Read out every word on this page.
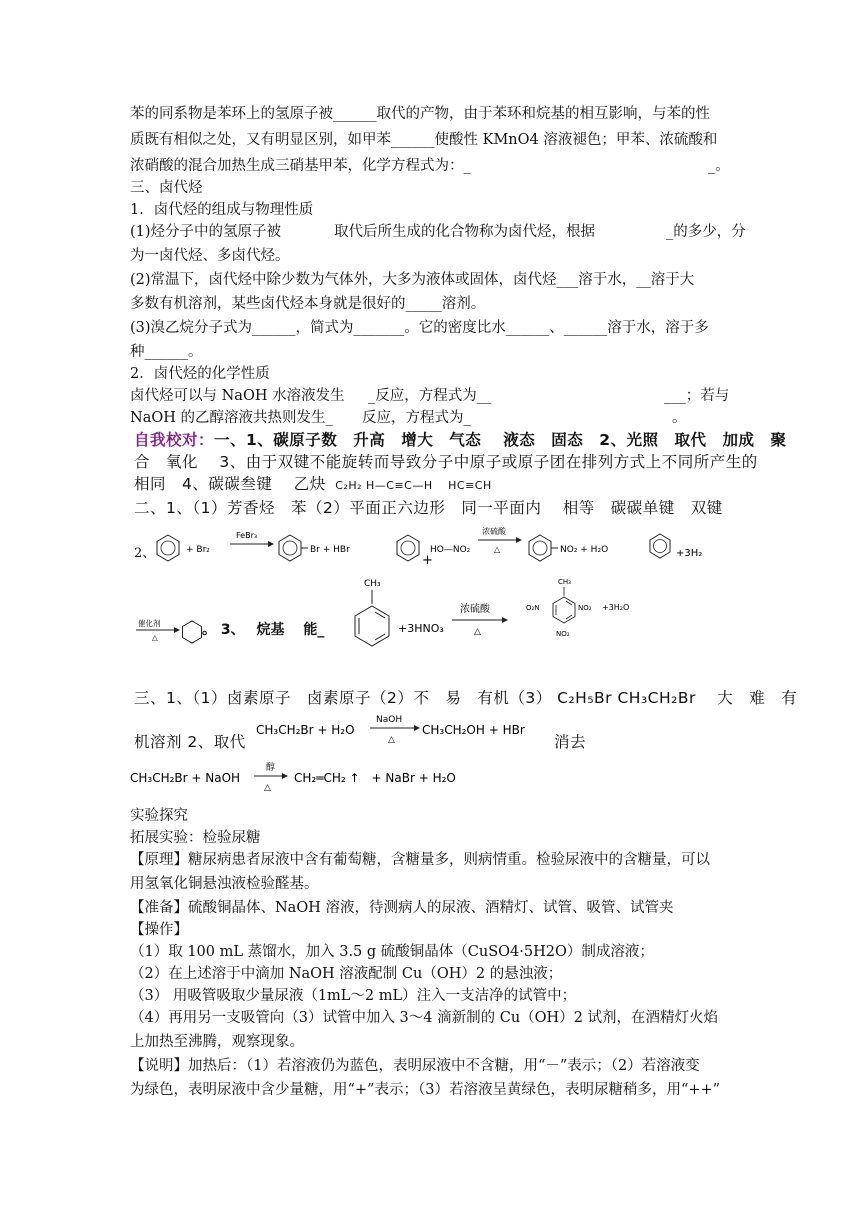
苯的同系物是苯环上的氢原子被______取代的产物，由于苯环和烷基的相互影响，与苯的性
质既有相似之处，又有明显区别，如甲苯______使酸性 KMnO4 溶液褪色；甲苯、浓硫酸和
浓硝酸的混合加热生成三硝基甲苯，化学方程式为：_	_。
三、卤代烃
1．卤代烃的组成与物理性质
(1)烃分子中的氢原子被	取代后所生成的化合物称为卤代烃，根据	_的多少，分
为一卤代烃、多卤代烃。
(2)常温下，卤代烃中除少数为气体外，大多为液体或固体，卤代烃___溶于水，__溶于大
多数有机溶剂，某些卤代烃本身就是很好的_____溶剂。
(3)溴乙烷分子式为______，简式为_______。它的密度比水______、______溶于水，溶于多
种______。
2．卤代烃的化学性质
卤代烃可以与 NaOH 水溶液发生 _反应，方程式为__	___；若与
NaOH 的乙醇溶液共热则发生_ 反应，方程式为_	。
自我校对：一、1、碳原子数　升高　增大　气态　 液态　固态　2、光照　取代　加成　聚
合　氧化　 3、由于双键不能旋转而导致分子中原子或原子团在排列方式上不同所产生的
相同　4、碳碳叁键　 乙炔 C₂H₂ H—C≡C—H　 HC≡CH
二、1、（1）芳香烃　苯（2）平面正六边形　同一平面内　 相等　碳碳单键　双键
2、	+ Br₂
FeBr₃
Br + HBr
+
HO—NO₂
浓硫酸
△	NO₂ + H₂O	+3H₂
催化剂
△
CH₃
+3HNO₃
浓硫酸
△
CH₃
O₂N	NO₂
NO₂
+3H₂O
。 3、　 烷基　 能_
三、1、（1）卤素原子　卤素原子（2）不　易　有机（3） C₂H₅Br CH₃CH₂Br　 大　难　有
机溶剂 2、取代
CH₃CH₂Br + H₂O
NaOH
△
CH₃CH₂OH + HBr
消去
CH₃CH₂Br + NaOH
醇
△
CH₂═CH₂ ↑　+ NaBr + H₂O
实验探究
拓展实验：检验尿糖
【原理】糖尿病患者尿液中含有葡萄糖，含糖量多，则病情重。检验尿液中的含糖量，可以
用氢氧化铜悬浊液检验醛基。
【准备】硫酸铜晶体、NaOH 溶液，待测病人的尿液、酒精灯、试管、吸管、试管夹
【操作】
（1）取 100 mL 蒸馏水，加入 3.5 g 硫酸铜晶体（CuSO4·5H2O）制成溶液；
（2）在上述溶于中滴加 NaOH 溶液配制 Cu（OH）2 的悬浊液；
（3） 用吸管吸取少量尿液（1mL～2 mL）注入一支洁净的试管中；
（4）再用另一支吸管向（3）试管中加入 3～4 滴新制的 Cu（OH）2 试剂，在酒精灯火焰
上加热至沸腾，观察现象。
【说明】加热后：（1）若溶液仍为蓝色，表明尿液中不含糖，用“－”表示；（2）若溶液变
为绿色，表明尿液中含少量糖，用“+”表示；（3）若溶液呈黄绿色，表明尿糖稍多，用“++”
